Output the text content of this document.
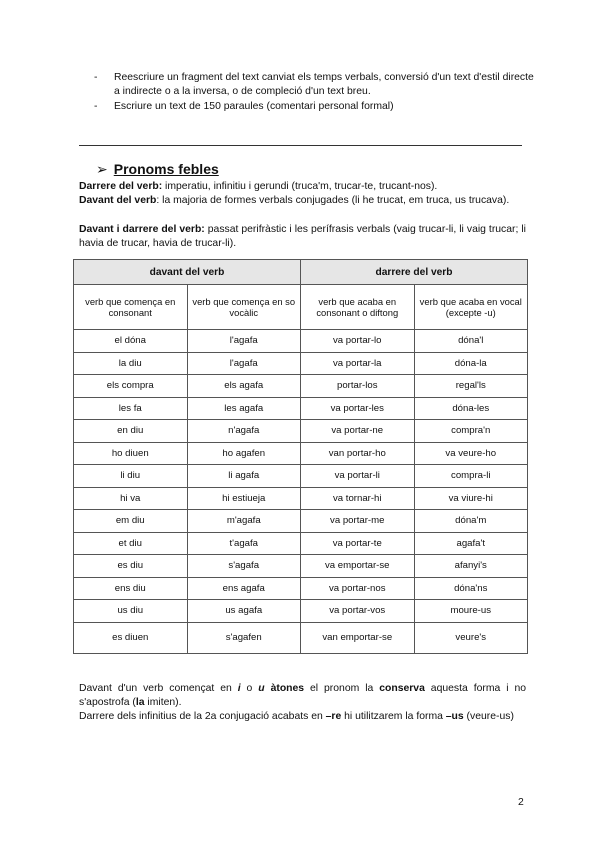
- Reescriure un fragment del text canviat els temps verbals, conversió d'un text d'estil directe a indirecte o a la inversa, o de compleció d'un text breu.
- Escriure un text de 150 paraules (comentari personal formal)
➢ Pronoms febles
Darrere del verb: imperatiu, infinitiu i gerundi (truca'm, trucar-te, trucant-nos).
Davant del verb: la majoria de formes verbals conjugades (li he trucat, em truca, us trucava).
Davant i darrere del verb: passat perifràstic i les perífrasis verbals (vaig trucar-li, li vaig trucar; li havia de trucar, havia de trucar-li).
davant del verb		darrere del verb	
verb que comença en consonant	verb que comença en so vocàlic	verb que acaba en consonant o diftong	verb que acaba en vocal (excepte -u)
el dóna	l'agafa	va portar-lo	dóna'l
la diu	l'agafa	va portar-la	dóna-la
els compra	els agafa	portar-los	regal'ls
les fa	les agafa	va portar-les	dóna-les
en diu	n'agafa	va portar-ne	compra'n
ho diuen	ho agafen	van portar-ho	va veure-ho
li diu	li agafa	va portar-li	compra-li
hi va	hi estiueja	va tornar-hi	va viure-hi
em diu	m'agafa	va portar-me	dóna'm
et diu	t'agafa	va portar-te	agafa't
es diu	s'agafa	va emportar-se	afanyi's
ens diu	ens agafa	va portar-nos	dóna'ns
us diu	us agafa	va portar-vos	moure-us
es diuen	s'agafen	van emportar-se	veure's
Davant d'un verb començat en i o u àtones el pronom la conserva aquesta forma i no s'apostrofa (la imiten).
Darrere dels infinitius de la 2a conjugació acabats en –re hi utilitzarem la forma –us (veure-us)
2
